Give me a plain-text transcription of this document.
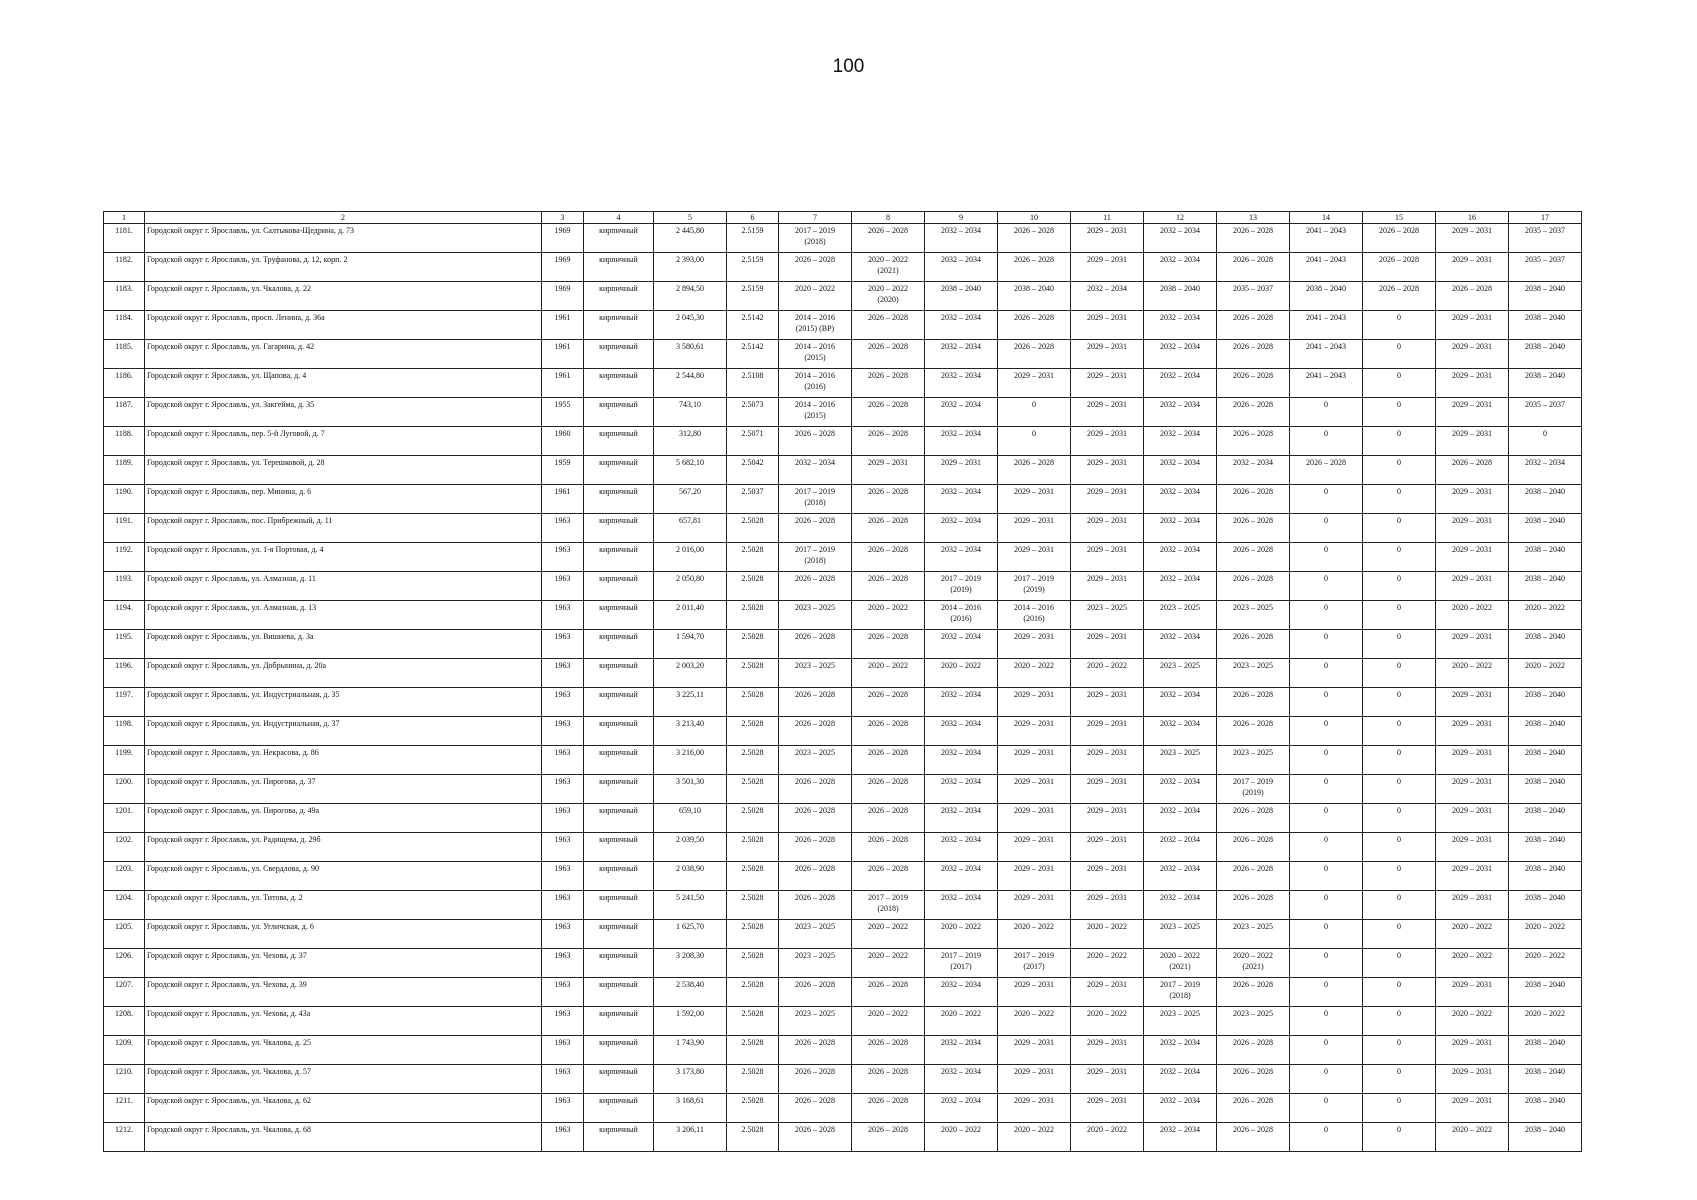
100
1	2	3	4	5	6	7	8	9	10	11	12	13	14	15	16	17
1181.	Городской округ г. Ярославль, ул. Салтыкова-Щедрина, д. 73	1969	кирпичный	2 445,80	2.5159	2017 – 2019
(2018)	2026 – 2028	2032 – 2034	2026 – 2028	2029 – 2031	2032 – 2034	2026 – 2028	2041 – 2043	2026 – 2028	2029 – 2031	2035 – 2037
1182.	Городской округ г. Ярославль, ул. Труфанова, д. 12, корп. 2	1969	кирпичный	2 393,00	2.5159	2026 – 2028	2020 – 2022
(2021)	2032 – 2034	2026 – 2028	2029 – 2031	2032 – 2034	2026 – 2028	2041 – 2043	2026 – 2028	2029 – 2031	2035 – 2037
1183.	Городской округ г. Ярославль, ул. Чкалова, д. 22	1969	кирпичный	2 894,50	2.5159	2020 – 2022	2020 – 2022
(2020)	2038 – 2040	2038 – 2040	2032 – 2034	2038 – 2040	2035 – 2037	2038 – 2040	2026 – 2028	2026 – 2028	2038 – 2040
1184.	Городской округ г. Ярославль, просп. Ленина, д. 36а	1961	кирпичный	2 045,30	2.5142	2014 – 2016
(2015) (ВР)	2026 – 2028	2032 – 2034	2026 – 2028	2029 – 2031	2032 – 2034	2026 – 2028	2041 – 2043	0	2029 – 2031	2038 – 2040
1185.	Городской округ г. Ярославль, ул. Гагарина, д. 42	1961	кирпичный	3 580,61	2.5142	2014 – 2016
(2015)	2026 – 2028	2032 – 2034	2026 – 2028	2029 – 2031	2032 – 2034	2026 – 2028	2041 – 2043	0	2029 – 2031	2038 – 2040
1186.	Городской округ г. Ярославль, ул. Щапова, д. 4	1961	кирпичный	2 544,80	2.5108	2014 – 2016
(2016)	2026 – 2028	2032 – 2034	2029 – 2031	2029 – 2031	2032 – 2034	2026 – 2028	2041 – 2043	0	2029 – 2031	2038 – 2040
1187.	Городской округ г. Ярославль, ул. Закгейма, д. 35	1955	кирпичный	743,10	2.5073	2014 – 2016
(2015)	2026 – 2028	2032 – 2034	0	2029 – 2031	2032 – 2034	2026 – 2028	0	0	2029 – 2031	2035 – 2037
1188.	Городской округ г. Ярославль, пер. 5-й Луговой, д. 7	1960	кирпичный	312,80	2.5071	2026 – 2028	2026 – 2028	2032 – 2034	0	2029 – 2031	2032 – 2034	2026 – 2028	0	0	2029 – 2031	0
1189.	Городской округ г. Ярославль, ул. Терешковой, д. 28	1959	кирпичный	5 682,10	2.5042	2032 – 2034	2029 – 2031	2029 – 2031	2026 – 2028	2029 – 2031	2032 – 2034	2032 – 2034	2026 – 2028	0	2026 – 2028	2032 – 2034
1190.	Городской округ г. Ярославль, пер. Минина, д. 6	1961	кирпичный	567,20	2.5037	2017 – 2019
(2018)	2026 – 2028	2032 – 2034	2029 – 2031	2029 – 2031	2032 – 2034	2026 – 2028	0	0	2029 – 2031	2038 – 2040
1191.	Городской округ г. Ярославль, пос. Прибрежный, д. 11	1963	кирпичный	657,81	2.5028	2026 – 2028	2026 – 2028	2032 – 2034	2029 – 2031	2029 – 2031	2032 – 2034	2026 – 2028	0	0	2029 – 2031	2038 – 2040
1192.	Городской округ г. Ярославль, ул. 1-я Портовая, д. 4	1963	кирпичный	2 016,00	2.5028	2017 – 2019
(2018)	2026 – 2028	2032 – 2034	2029 – 2031	2029 – 2031	2032 – 2034	2026 – 2028	0	0	2029 – 2031	2038 – 2040
1193.	Городской округ г. Ярославль, ул. Алмазная, д. 11	1963	кирпичный	2 050,80	2.5028	2026 – 2028	2026 – 2028	2017 – 2019
(2019)	2017 – 2019
(2019)	2029 – 2031	2032 – 2034	2026 – 2028	0	0	2029 – 2031	2038 – 2040
1194.	Городской округ г. Ярославль, ул. Алмазная, д. 13	1963	кирпичный	2 011,40	2.5028	2023 – 2025	2020 – 2022	2014 – 2016
(2016)	2014 – 2016
(2016)	2023 – 2025	2023 – 2025	2023 – 2025	0	0	2020 – 2022	2020 – 2022
1195.	Городской округ г. Ярославль, ул. Вишнева, д. 3а	1963	кирпичный	1 594,70	2.5028	2026 – 2028	2026 – 2028	2032 – 2034	2029 – 2031	2029 – 2031	2032 – 2034	2026 – 2028	0	0	2029 – 2031	2038 – 2040
1196.	Городской округ г. Ярославль, ул. Добрынина, д. 20а	1963	кирпичный	2 003,20	2.5028	2023 – 2025	2020 – 2022	2020 – 2022	2020 – 2022	2020 – 2022	2023 – 2025	2023 – 2025	0	0	2020 – 2022	2020 – 2022
1197.	Городской округ г. Ярославль, ул. Индустриальная, д. 35	1963	кирпичный	3 225,11	2.5028	2026 – 2028	2026 – 2028	2032 – 2034	2029 – 2031	2029 – 2031	2032 – 2034	2026 – 2028	0	0	2029 – 2031	2038 – 2040
1198.	Городской округ г. Ярославль, ул. Индустриальная, д. 37	1963	кирпичный	3 213,40	2.5028	2026 – 2028	2026 – 2028	2032 – 2034	2029 – 2031	2029 – 2031	2032 – 2034	2026 – 2028	0	0	2029 – 2031	2038 – 2040
1199.	Городской округ г. Ярославль, ул. Некрасова, д. 86	1963	кирпичный	3 216,00	2.5028	2023 – 2025	2026 – 2028	2032 – 2034	2029 – 2031	2029 – 2031	2023 – 2025	2023 – 2025	0	0	2029 – 2031	2038 – 2040
1200.	Городской округ г. Ярославль, ул. Пирогова, д. 37	1963	кирпичный	3 501,30	2.5028	2026 – 2028	2026 – 2028	2032 – 2034	2029 – 2031	2029 – 2031	2032 – 2034	2017 – 2019
(2019)	0	0	2029 – 2031	2038 – 2040
1201.	Городской округ г. Ярославль, ул. Пирогова, д. 49а	1963	кирпичный	659,10	2.5028	2026 – 2028	2026 – 2028	2032 – 2034	2029 – 2031	2029 – 2031	2032 – 2034	2026 – 2028	0	0	2029 – 2031	2038 – 2040
1202.	Городской округ г. Ярославль, ул. Радищева, д. 29б	1963	кирпичный	2 039,50	2.5028	2026 – 2028	2026 – 2028	2032 – 2034	2029 – 2031	2029 – 2031	2032 – 2034	2026 – 2028	0	0	2029 – 2031	2038 – 2040
1203.	Городской округ г. Ярославль, ул. Свердлова, д. 90	1963	кирпичный	2 038,90	2.5028	2026 – 2028	2026 – 2028	2032 – 2034	2029 – 2031	2029 – 2031	2032 – 2034	2026 – 2028	0	0	2029 – 2031	2038 – 2040
1204.	Городской округ г. Ярославль, ул. Титова, д. 2	1963	кирпичный	5 241,50	2.5028	2026 – 2028	2017 – 2019
(2018)	2032 – 2034	2029 – 2031	2029 – 2031	2032 – 2034	2026 – 2028	0	0	2029 – 2031	2038 – 2040
1205.	Городской округ г. Ярославль, ул. Угличская, д. 6	1963	кирпичный	1 625,70	2.5028	2023 – 2025	2020 – 2022	2020 – 2022	2020 – 2022	2020 – 2022	2023 – 2025	2023 – 2025	0	0	2020 – 2022	2020 – 2022
1206.	Городской округ г. Ярославль, ул. Чехова, д. 37	1963	кирпичный	3 208,30	2.5028	2023 – 2025	2020 – 2022	2017 – 2019
(2017)	2017 – 2019
(2017)	2020 – 2022	2020 – 2022
(2021)	2020 – 2022
(2021)	0	0	2020 – 2022	2020 – 2022
1207.	Городской округ г. Ярославль, ул. Чехова, д. 39	1963	кирпичный	2 538,40	2.5028	2026 – 2028	2026 – 2028	2032 – 2034	2029 – 2031	2029 – 2031	2017 – 2019
(2018)	2026 – 2028	0	0	2029 – 2031	2038 – 2040
1208.	Городской округ г. Ярославль, ул. Чехова, д. 43а	1963	кирпичный	1 592,00	2.5028	2023 – 2025	2020 – 2022	2020 – 2022	2020 – 2022	2020 – 2022	2023 – 2025	2023 – 2025	0	0	2020 – 2022	2020 – 2022
1209.	Городской округ г. Ярославль, ул. Чкалова, д. 25	1963	кирпичный	1 743,90	2.5028	2026 – 2028	2026 – 2028	2032 – 2034	2029 – 2031	2029 – 2031	2032 – 2034	2026 – 2028	0	0	2029 – 2031	2038 – 2040
1210.	Городской округ г. Ярославль, ул. Чкалова, д. 57	1963	кирпичный	3 173,80	2.5028	2026 – 2028	2026 – 2028	2032 – 2034	2029 – 2031	2029 – 2031	2032 – 2034	2026 – 2028	0	0	2029 – 2031	2038 – 2040
1211.	Городской округ г. Ярославль, ул. Чкалова, д. 62	1963	кирпичный	3 168,61	2.5028	2026 – 2028	2026 – 2028	2032 – 2034	2029 – 2031	2029 – 2031	2032 – 2034	2026 – 2028	0	0	2029 – 2031	2038 – 2040
1212.	Городской округ г. Ярославль, ул. Чкалова, д. 68	1963	кирпичный	3 206,11	2.5028	2026 – 2028	2026 – 2028	2020 – 2022	2020 – 2022	2020 – 2022	2032 – 2034	2026 – 2028	0	0	2020 – 2022	2038 – 2040
